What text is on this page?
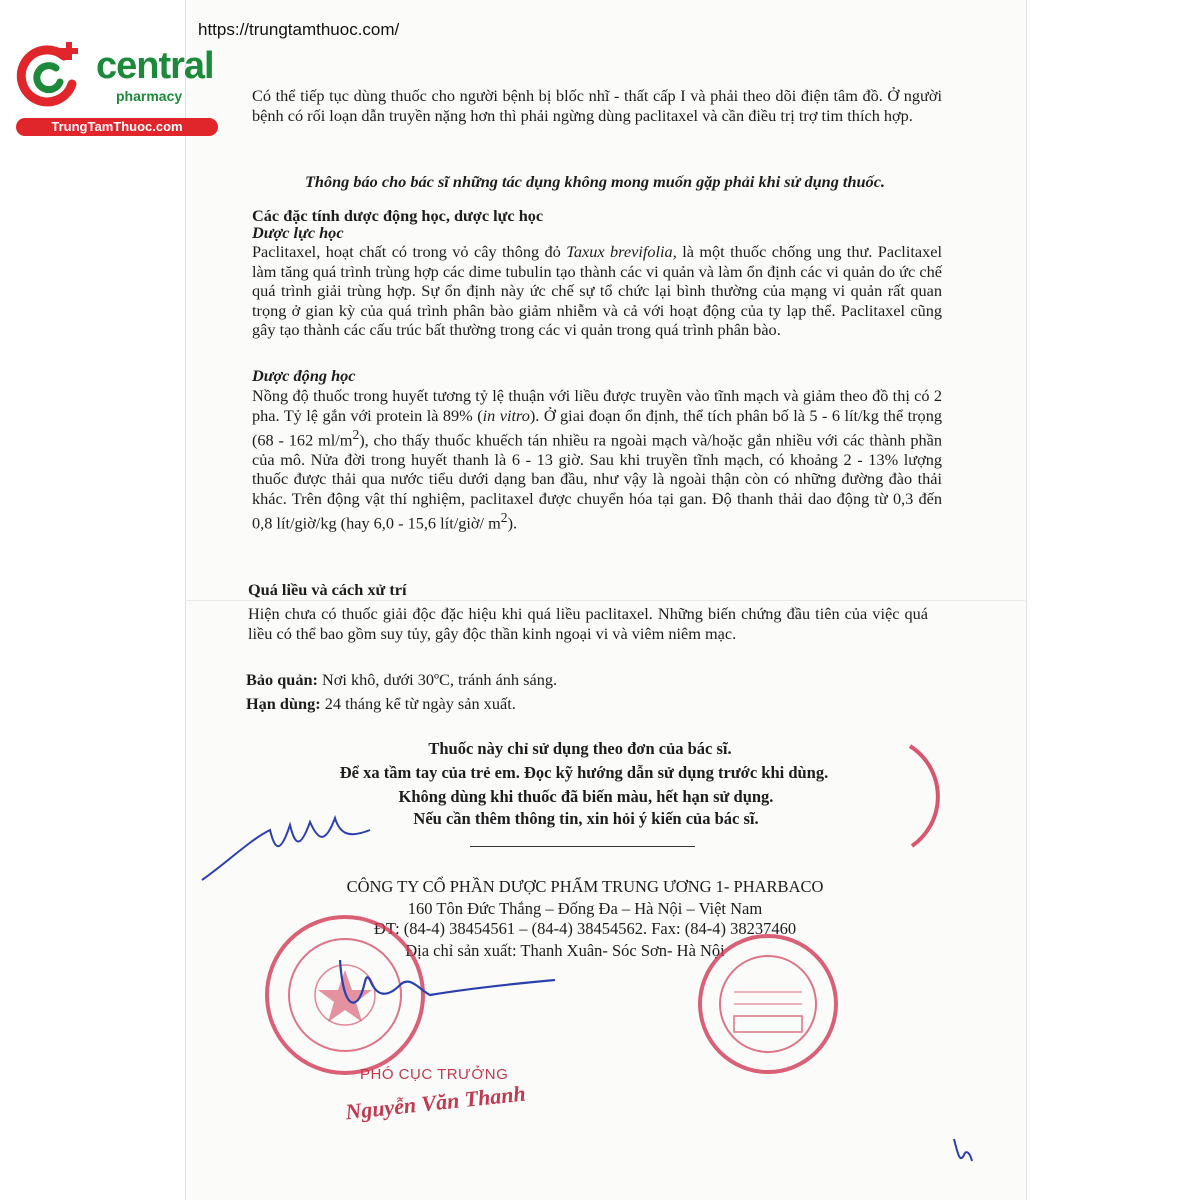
https://trungtamthuoc.com/
central
pharmacy
TrungTamThuoc.com

Có thể tiếp tục dùng thuốc cho người bệnh bị blốc nhĩ - thất cấp I và phải theo dõi điện tâm đồ. Ở người bệnh có rối loạn dẫn truyền nặng hơn thì phải ngừng dùng paclitaxel và cần điều trị trợ tim thích hợp.

Thông báo cho bác sĩ những tác dụng không mong muốn gặp phải khi sử dụng thuốc.
Các đặc tính dược động học, dược lực học
Dược lực học
Paclitaxel, hoạt chất có trong vỏ cây thông đỏ Taxux brevifolia, là một thuốc chống ung thư. Paclitaxel làm tăng quá trình trùng hợp các dime tubulin tạo thành các vi quản và làm ổn định các vi quản do ức chế quá trình giải trùng hợp. Sự ổn định này ức chế sự tổ chức lại bình thường của mạng vi quản rất quan trọng ở gian kỳ của quá trình phân bào giảm nhiễm và cả với hoạt động của ty lạp thể. Paclitaxel cũng gây tạo thành các cấu trúc bất thường trong các vi quản trong quá trình phân bào.
Dược động học
Nồng độ thuốc trong huyết tương tỷ lệ thuận với liều được truyền vào tĩnh mạch và giảm theo đồ thị có 2 pha. Tỷ lệ gắn với protein là 89% (in vitro). Ở giai đoạn ổn định, thể tích phân bố là 5 - 6 lít/kg thể trọng (68 - 162 $ml/m^2$), cho thấy thuốc khuếch tán nhiều ra ngoài mạch và/hoặc gắn nhiều với các thành phần của mô. Nửa đời trong huyết thanh là 6 - 13 giờ. Sau khi truyền tĩnh mạch, có khoảng 2 - 13% lượng thuốc được thải qua nước tiểu dưới dạng ban đầu, như vậy là ngoài thận còn có những đường đào thải khác. Trên động vật thí nghiệm, paclitaxel được chuyển hóa tại gan. Độ thanh thải dao động từ 0,3 đến 0,8 lít/giờ/kg (hay 6,0 - 15,6 lít/giờ/ $m^2$).
Quá liều và cách xử trí
Hiện chưa có thuốc giải độc đặc hiệu khi quá liều paclitaxel. Những biến chứng đầu tiên của việc quá liều có thể bao gồm suy tủy, gây độc thần kinh ngoại vi và viêm niêm mạc.
Bảo quản: Nơi khô, dưới 30ºC, tránh ánh sáng.
Hạn dùng: 24 tháng kể từ ngày sản xuất.
Thuốc này chỉ sử dụng theo đơn của bác sĩ.
Để xa tầm tay của trẻ em. Đọc kỹ hướng dẫn sử dụng trước khi dùng.
Không dùng khi thuốc đã biến màu, hết hạn sử dụng.
Nếu cần thêm thông tin, xin hỏi ý kiến của bác sĩ.
CÔNG TY CỔ PHẦN DƯỢC PHẨM TRUNG ƯƠNG 1- PHARBACO
160 Tôn Đức Thắng – Đống Đa – Hà Nội – Việt Nam
ĐT: (84-4) 38454561 – (84-4) 38454562. Fax: (84-4) 38237460
Địa chỉ sản xuất: Thanh Xuân- Sóc Sơn- Hà Nội
PHÓ CỤC TRƯỞNG
Nguyễn Văn Thanh
